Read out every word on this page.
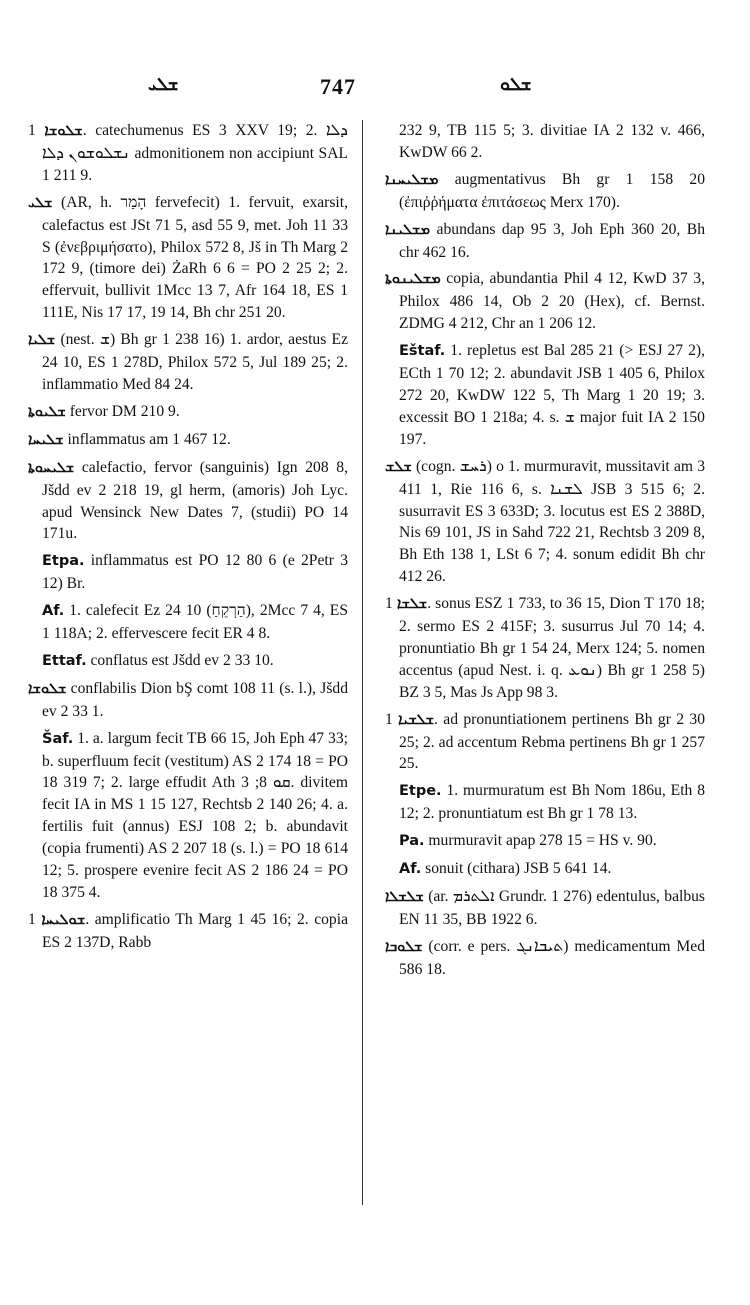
ܫܠܝ	747	ܫܠܘ
ܫܠܘܫܐ 1. catechumenus ES 3 XXV 19; 2. ܕܠܐ ܢܫܠܘܫܘܢ ܕܠܐ admonitionem non accipiunt SAL 1 211 9.
ܫܠܝ (AR, h. הָמַר fervefecit) 1. fervuit, exarsit, calefactus est JSt 71 5, asd 55 9, met. Joh 11 33 S (ἐνεβριμήσατο), Philox 572 8, Jš in Th Marg 2 172 9, (timore dei) ŻaRh 6 6 = PO 2 25 2; 2. effervuit, bullivit 1Mcc 13 7, Afr 164 18, ES 1 111E, Nis 17 17, 19 14, Bh chr 251 20.
ܫܠܝܐ (nest. ܫ) Bh gr 1 238 16) 1. ardor, aestus Ez 24 10, ES 1 278D, Philox 572 5, Jul 189 25; 2. inflammatio Med 84 24.
ܫܠܝܘܬܐ fervor DM 210 9.
ܫܠܝܚܐ inflammatus am 1 467 12.
ܫܠܝܚܘܬܐ calefactio, fervor (sanguinis) Ign 208 8, Jšdd ev 2 218 19, gl herm, (amoris) Joh Lyc. apud Wensinck New Dates 7, (studii) PO 14 171u.
Etpa. inflammatus est PO 12 80 6 (e 2Petr 3 12) Br.
Af. 1. calefecit Ez 24 10 (הַרְקֵחַ), 2Mcc 7 4, ES 1 118A; 2. effervescere fecit ER 4 8.
Ettaf. conflatus est Jšdd ev 2 33 10.
ܫܠܘܫܐ conflabilis Dion bŞ comt 108 11 (s. l.), Jšdd ev 2 33 1.
Šaf. 1. a. largum fecit TB 66 15, Joh Eph 47 33; b. superfluum fecit (vestitum) AS 2 174 18 = PO 18 319 7; 2. large effudit Ath ܩܘ 8; 3. divitem fecit IA in MS 1 15 127, Rechtsb 2 140 26; 4. a. fertilis fuit (annus) ESJ 108 2; b. abundavit (copia frumenti) AS 2 207 18 (s. l.) = PO 18 614 12; 5. prospere evenire fecit AS 2 186 24 = PO 18 375 4.
ܫܘܠܝܚܐ 1. amplificatio Th Marg 1 45 16; 2. copia ES 2 137D, Rabb
232 9, TB 115 5; 3. divitiae IA 2 132 v. 466, KwDW 66 2.
ܡܫܠܝܚܢܐ augmentativus Bh gr 1 158 20 (ἐπιῤῥήματα ἐπιτάσεως Merx 170).
ܡܫܠܝܢܐ abundans dap 95 3, Joh Eph 360 20, Bh chr 462 16.
ܡܫܠܝܢܘܬܐ copia, abundantia Phil 4 12, KwD 37 3, Philox 486 14, Ob 2 20 (Hex), cf. Bernst. ZDMG 4 212, Chr an 1 206 12.
Eštaf. 1. repletus est Bal 285 21 (> ESJ 27 2), ECth 1 70 12; 2. abundavit JSB 1 405 6, Philox 272 20, KwDW 122 5, Th Marg 1 20 19; 3. excessit BO 1 218a; 4. s. ܫ major fuit IA 2 150 197.
ܫܠܫ (cogn. ܪܚܫ) o 1. murmuravit, mussitavit am 3 411 1, Rie 116 6, s. ܠܫܢܐ JSB 3 515 6; 2. susurravit ES 3 633D; 3. locutus est ES 2 388D, Nis 69 101, JS in Sahd 722 21, Rechtsb 3 209 8, Bh Eth 138 1, LSt 6 7; 4. sonum edidit Bh chr 412 26.
ܫܠܫܐ 1. sonus ESZ 1 733, to 36 15, Dion T 170 18; 2. sermo ES 2 415F; 3. susurrus Jul 70 14; 4. pronuntiatio Bh gr 1 54 24, Merx 124; 5. nomen accentus (apud Nest. i. q. ܢܘܥ) Bh gr 1 258 5) BZ 3 5, Mas Js App 98 3.
ܫܠܫܝܐ 1. ad pronuntiationem pertinens Bh gr 2 30 25; 2. ad accentum Rebma pertinens Bh gr 1 257 25.
Etpe. 1. murmuratum est Bh Nom 186u, Eth 8 12; 2. pronuntiatum est Bh gr 1 78 13.
Pa. murmuravit apap 278 15 = HS v. 90.
Af. sonuit (cithara) JSB 5 641 14.
ܫܠܫܠܐ (ar. ܐܠܬܪܡ Grundr. 1 276) edentulus, balbus EN 11 35, BB 1922 6.
ܫܠܘܒܐ (corr. e pers. ܬܝܒܐܢܓ) medicamentum Med 586 18.
